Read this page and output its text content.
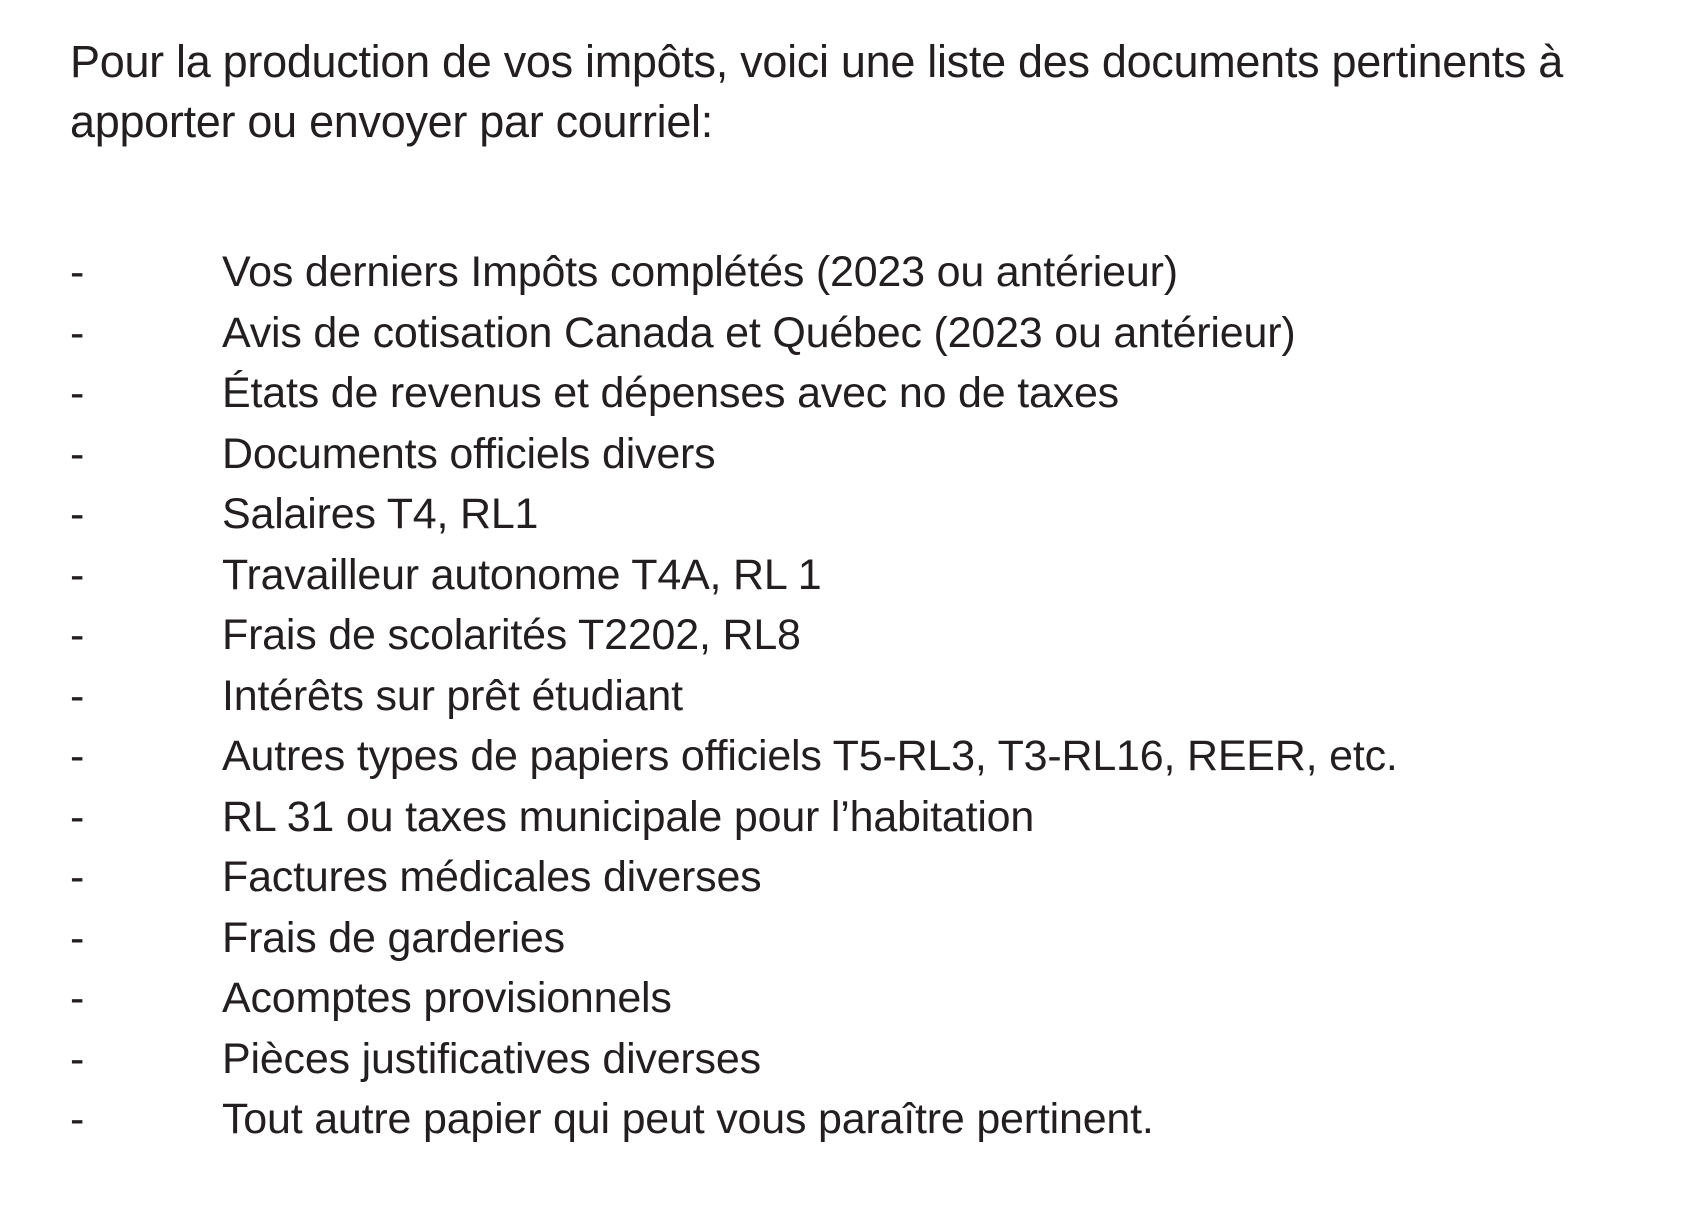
Pour la production de vos impôts, voici une liste des documents pertinents à apporter ou envoyer par courriel:

-	Vos derniers Impôts complétés (2023 ou antérieur)
-	Avis de cotisation Canada et Québec (2023 ou antérieur)
-	États de revenus et dépenses avec no de taxes
-	Documents officiels divers
-	Salaires T4, RL1
-	Travailleur autonome T4A, RL 1
-	Frais de scolarités T2202, RL8
-	Intérêts sur prêt étudiant
-	Autres types de papiers officiels T5-RL3, T3-RL16, REER, etc.
-	RL 31 ou taxes municipale pour l’habitation
-	Factures médicales diverses
-	Frais de garderies
-	Acomptes provisionnels
-	Pièces justificatives diverses
-	Tout autre papier qui peut vous paraître pertinent.
